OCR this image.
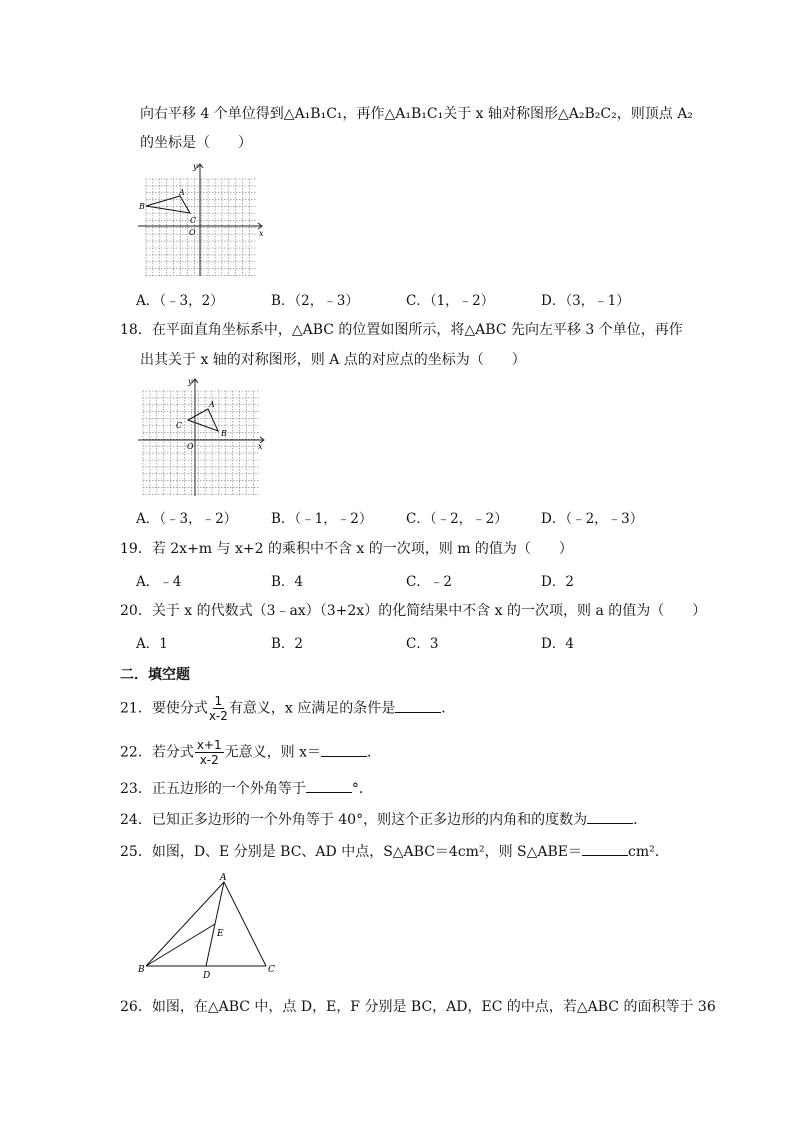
向右平移 4 个单位得到△A₁B₁C₁，再作△A₁B₁C₁关于 x 轴对称图形△A₂B₂C₂，则顶点 A₂
的坐标是（　　）
y
x
A
B
C
O
A．（﹣3，2）	B．（2，﹣3）	C．（1，﹣2）	D．（3，﹣1）
18．在平面直角坐标系中，△ABC 的位置如图所示，将△ABC 先向左平移 3 个单位，再作
出其关于 x 轴的对称图形，则 A 点的对应点的坐标为（　　）
y
x
A
B
C
O
A．（﹣3，﹣2）	B．（﹣1，﹣2）	C．（﹣2，﹣2）	D．（﹣2，﹣3）
19．若 2x+m 与 x+2 的乘积中不含 x 的一次项，则 m 的值为（　　）
A．﹣4	B．4	C．﹣2	D．2
20．关于 x 的代数式（3﹣ax）（3+2x）的化简结果中不含 x 的一次项，则 a 的值为（　　）
A．1	B．2	C．3	D．4
二．填空题
21．要使分式 $\frac{1}{x-2}$ 有意义，x 应满足的条件是	．
22．若分式 $\frac{x+1}{x-2}$ 无意义，则 x＝	．
23．正五边形的一个外角等于	°．
24．已知正多边形的一个外角等于 40°，则这个正多边形的内角和的度数为	．
25．如图，D、E 分别是 BC、AD 中点，S△ABC＝4cm²，则 S△ABE＝	cm²．
A
B	C
D
E
26．如图，在△ABC 中，点 D，E，F 分别是 BC，AD，EC 的中点，若△ABC 的面积等于 36
